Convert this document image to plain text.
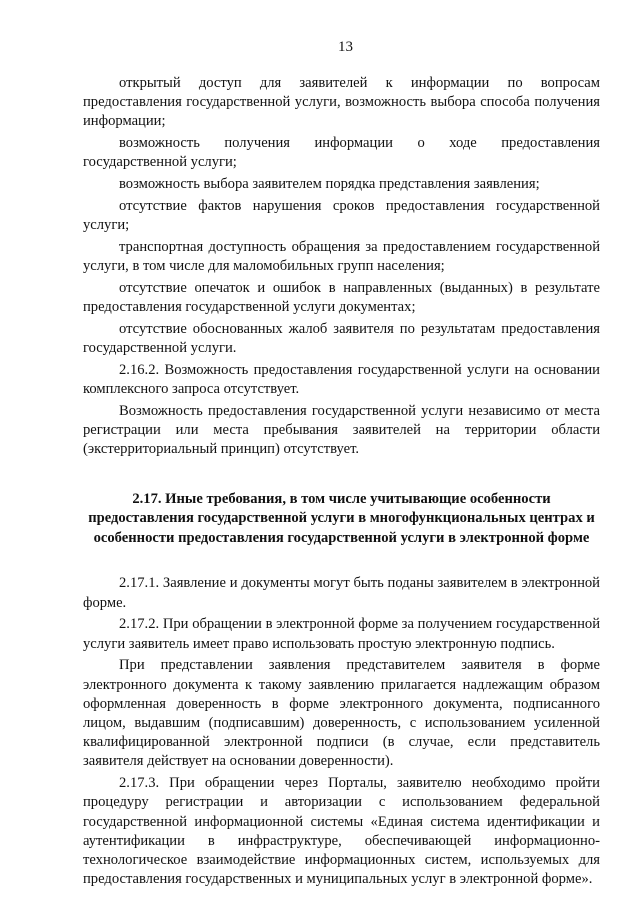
13

открытый доступ для заявителей к информации по вопросам предоставления государственной услуги, возможность выбора способа получения информации;

возможность получения информации о ходе предоставления государственной услуги;

возможность выбора заявителем порядка представления заявления;

отсутствие фактов нарушения сроков предоставления государственной услуги;

транспортная доступность обращения за предоставлением государственной услуги, в том числе для маломобильных групп населения;

отсутствие опечаток и ошибок в направленных (выданных) в результате предоставления государственной услуги документах;

отсутствие обоснованных жалоб заявителя по результатам предоставления государственной услуги.

2.16.2. Возможность предоставления государственной услуги на основании комплексного запроса отсутствует.

Возможность предоставления государственной услуги независимо от места регистрации или места пребывания заявителей на территории области (экстерриториальный принцип) отсутствует.

2.17. Иные требования, в том числе учитывающие особенности предоставления государственной услуги в многофункциональных центрах и особенности предоставления государственной услуги в электронной форме

2.17.1. Заявление и документы могут быть поданы заявителем в электронной форме.

2.17.2. При обращении в электронной форме за получением государственной услуги заявитель имеет право использовать простую электронную подпись.

При представлении заявления представителем заявителя в форме электронного документа к такому заявлению прилагается надлежащим образом оформленная доверенность в форме электронного документа, подписанного лицом, выдавшим (подписавшим) доверенность, с использованием усиленной квалифицированной электронной подписи (в случае, если представитель заявителя действует на основании доверенности).

2.17.3. При обращении через Порталы, заявителю необходимо пройти процедуру регистрации и авторизации с использованием федеральной государственной информационной системы «Единая система идентификации и аутентификации в инфраструктуре, обеспечивающей информационно-технологическое взаимодействие информационных систем, используемых для предоставления государственных и муниципальных услуг в электронной форме».
